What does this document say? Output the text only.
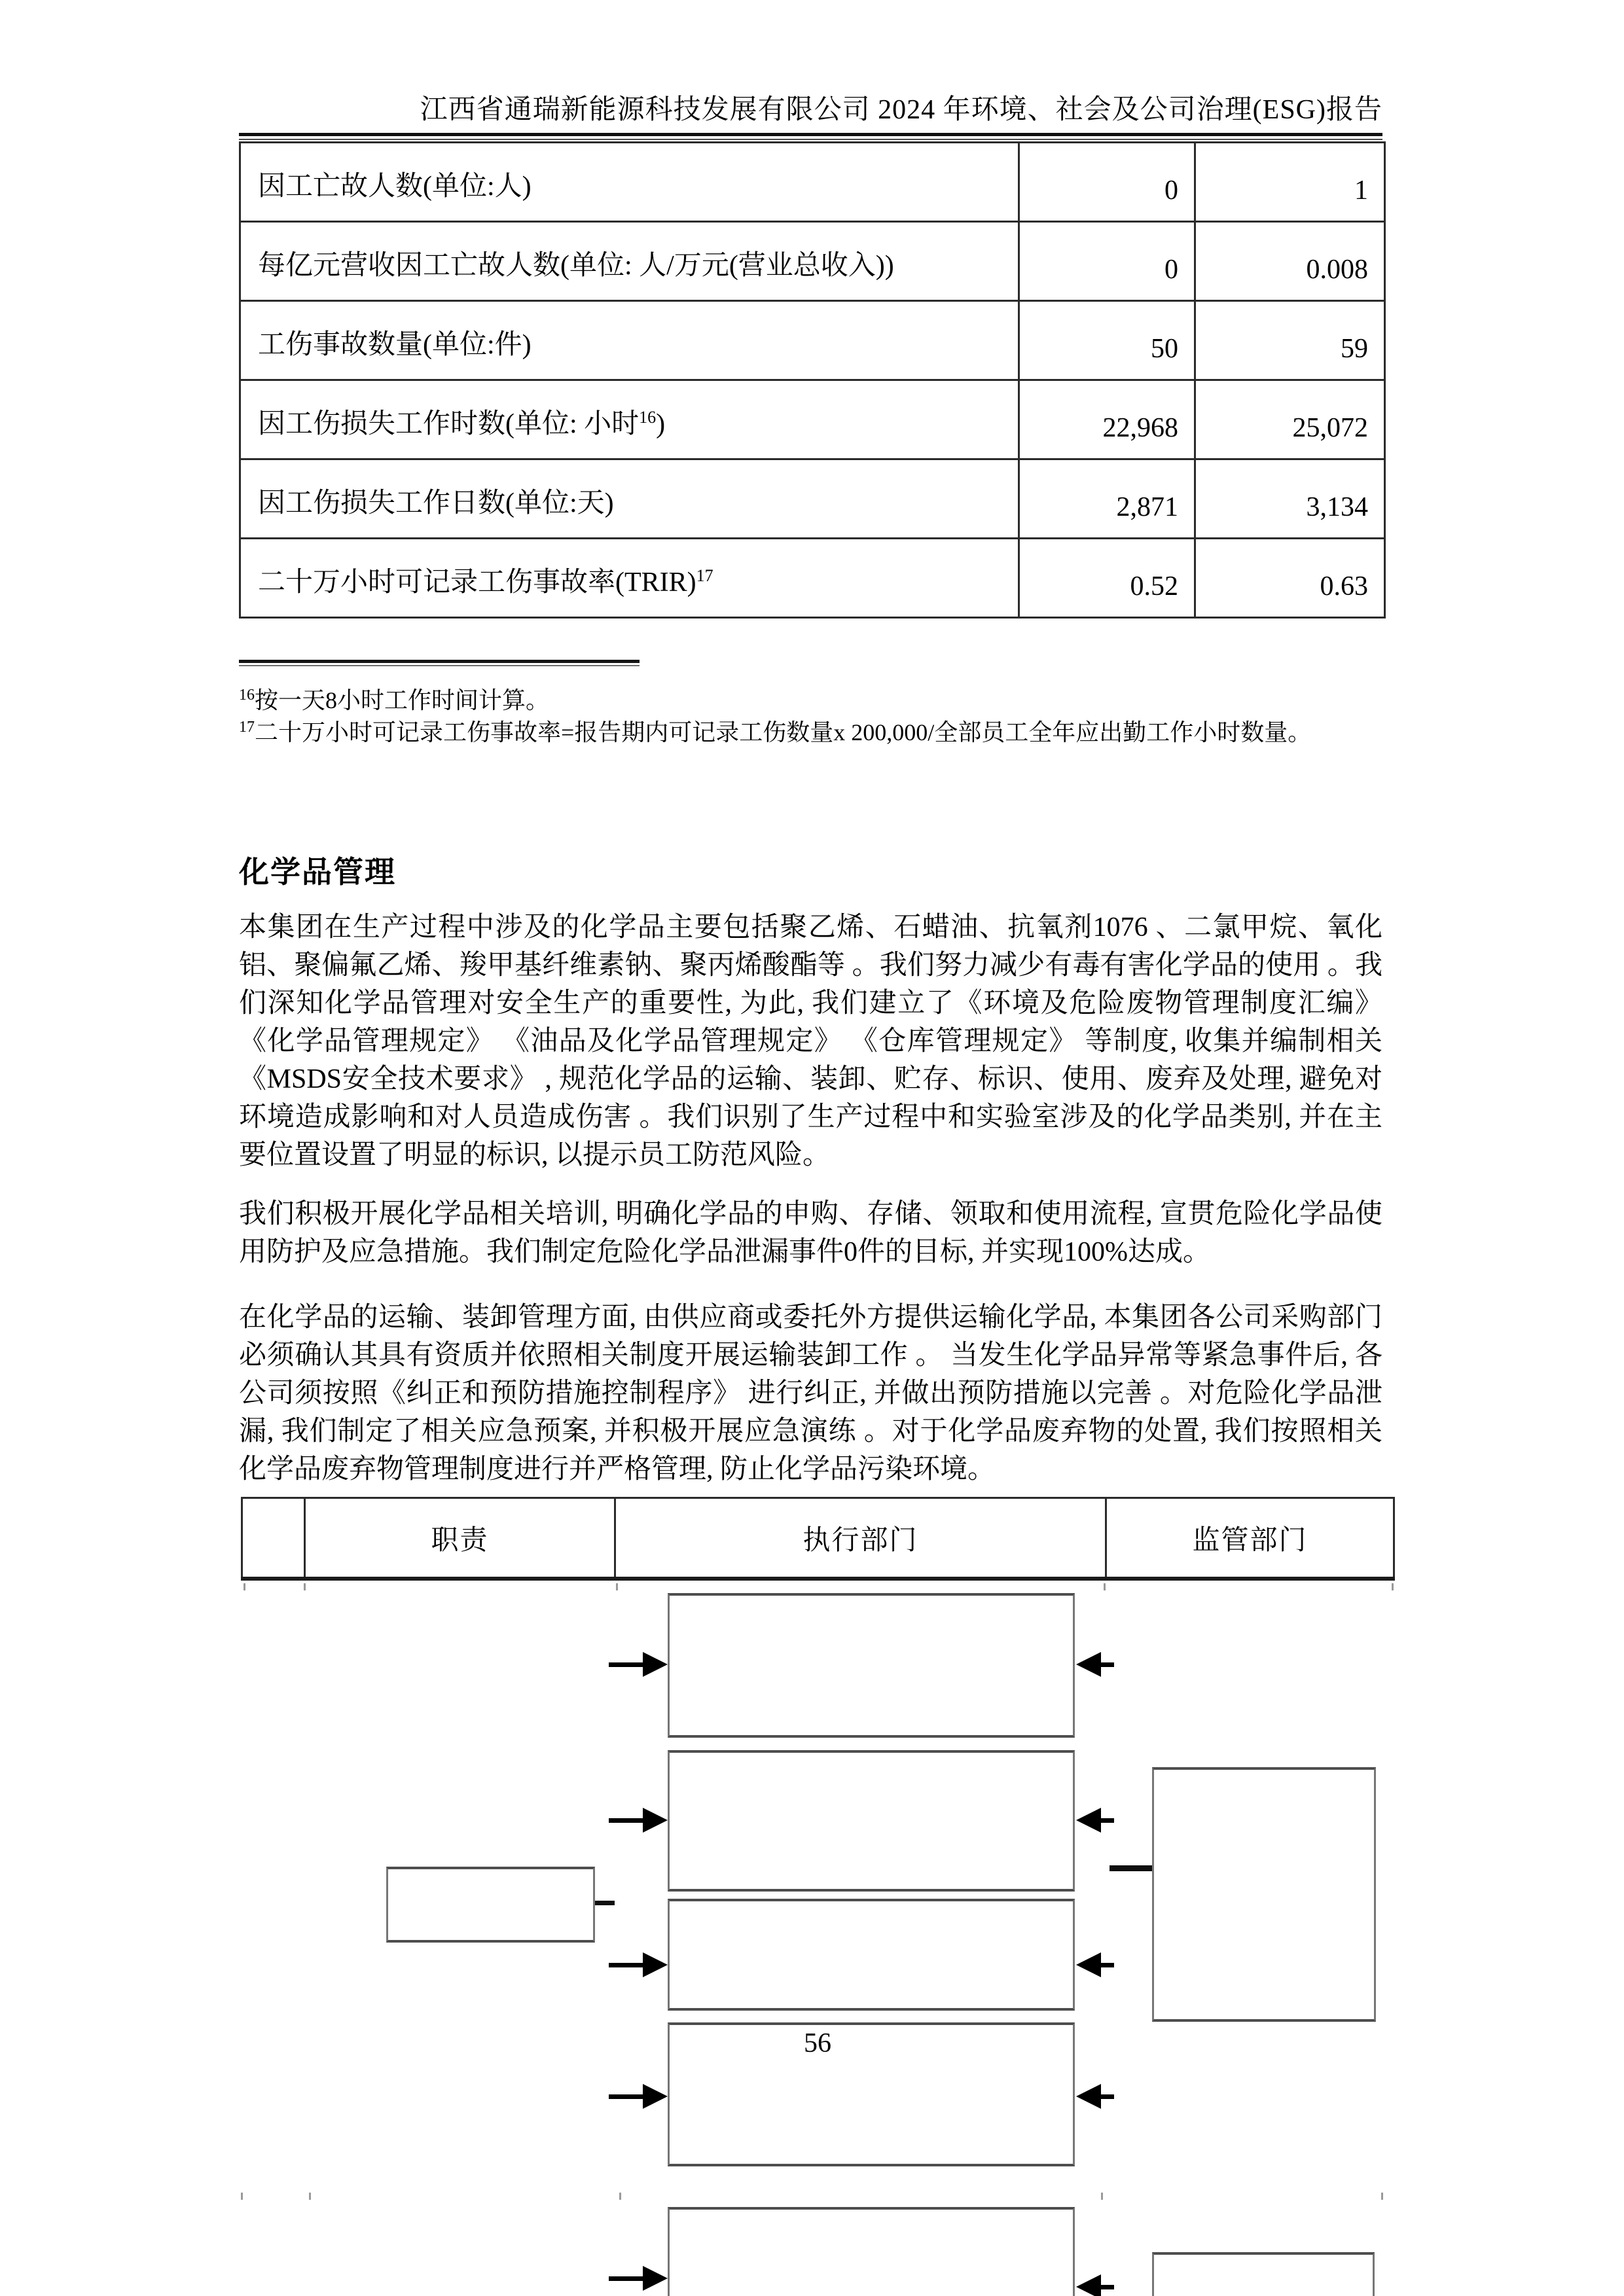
江西省通瑞新能源科技发展有限公司 2024 年环境、社会及公司治理(ESG)报告
因工亡故人数(单位:人)	0	1
每亿元营收因工亡故人数(单位: 人/万元(营业总收入))	0	0.008
工伤事故数量(单位:件)	50	59
因工伤损失工作时数(单位: 小时$^{16}$)	22,968	25,072
因工伤损失工作日数(单位:天)	2,871	3,134
二十万小时可记录工伤事故率(TRIR)$^{17}$	0.52	0.63
$^{16}$按一天8小时工作时间计算。
$^{17}$二十万小时可记录工伤事故率=报告期内可记录工伤数量x 200,000/全部员工全年应出勤工作小时数量。
化学品管理

本集团在生产过程中涉及的化学品主要包括聚乙烯、石蜡油、抗氧剂1076 、二氯甲烷、氧化铝、聚偏氟乙烯、羧甲基纤维素钠、聚丙烯酸酯等 。我们努力减少有毒有害化学品的使用 。我们深知化学品管理对安全生产的重要性, 为此, 我们建立了《环境及危险废物管理制度汇编》 《化学品管理规定》 《油品及化学品管理规定》 《仓库管理规定》 等制度, 收集并编制相关《MSDS安全技术要求》 , 规范化学品的运输、装卸、贮存、标识、使用、废弃及处理, 避免对环境造成影响和对人员造成伤害 。我们识别了生产过程中和实验室涉及的化学品类别, 并在主要位置设置了明显的标识, 以提示员工防范风险。

我们积极开展化学品相关培训, 明确化学品的申购、存储、领取和使用流程, 宣贯危险化学品使用防护及应急措施。我们制定危险化学品泄漏事件0件的目标, 并实现100%达成。

在化学品的运输、装卸管理方面, 由供应商或委托外方提供运输化学品, 本集团各公司采购部门必须确认其具有资质并依照相关制度开展运输装卸工作 。 当发生化学品异常等紧急事件后, 各公司须按照《纠正和预防措施控制程序》 进行纠正, 并做出预防措施以完善 。对危险化学品泄漏, 我们制定了相关应急预案, 并积极开展应急演练 。对于化学品废弃物的处置, 我们按照相关化学品废弃物管理制度进行并严格管理, 防止化学品污染环境。

	职责	执行部门	监管部门
56
